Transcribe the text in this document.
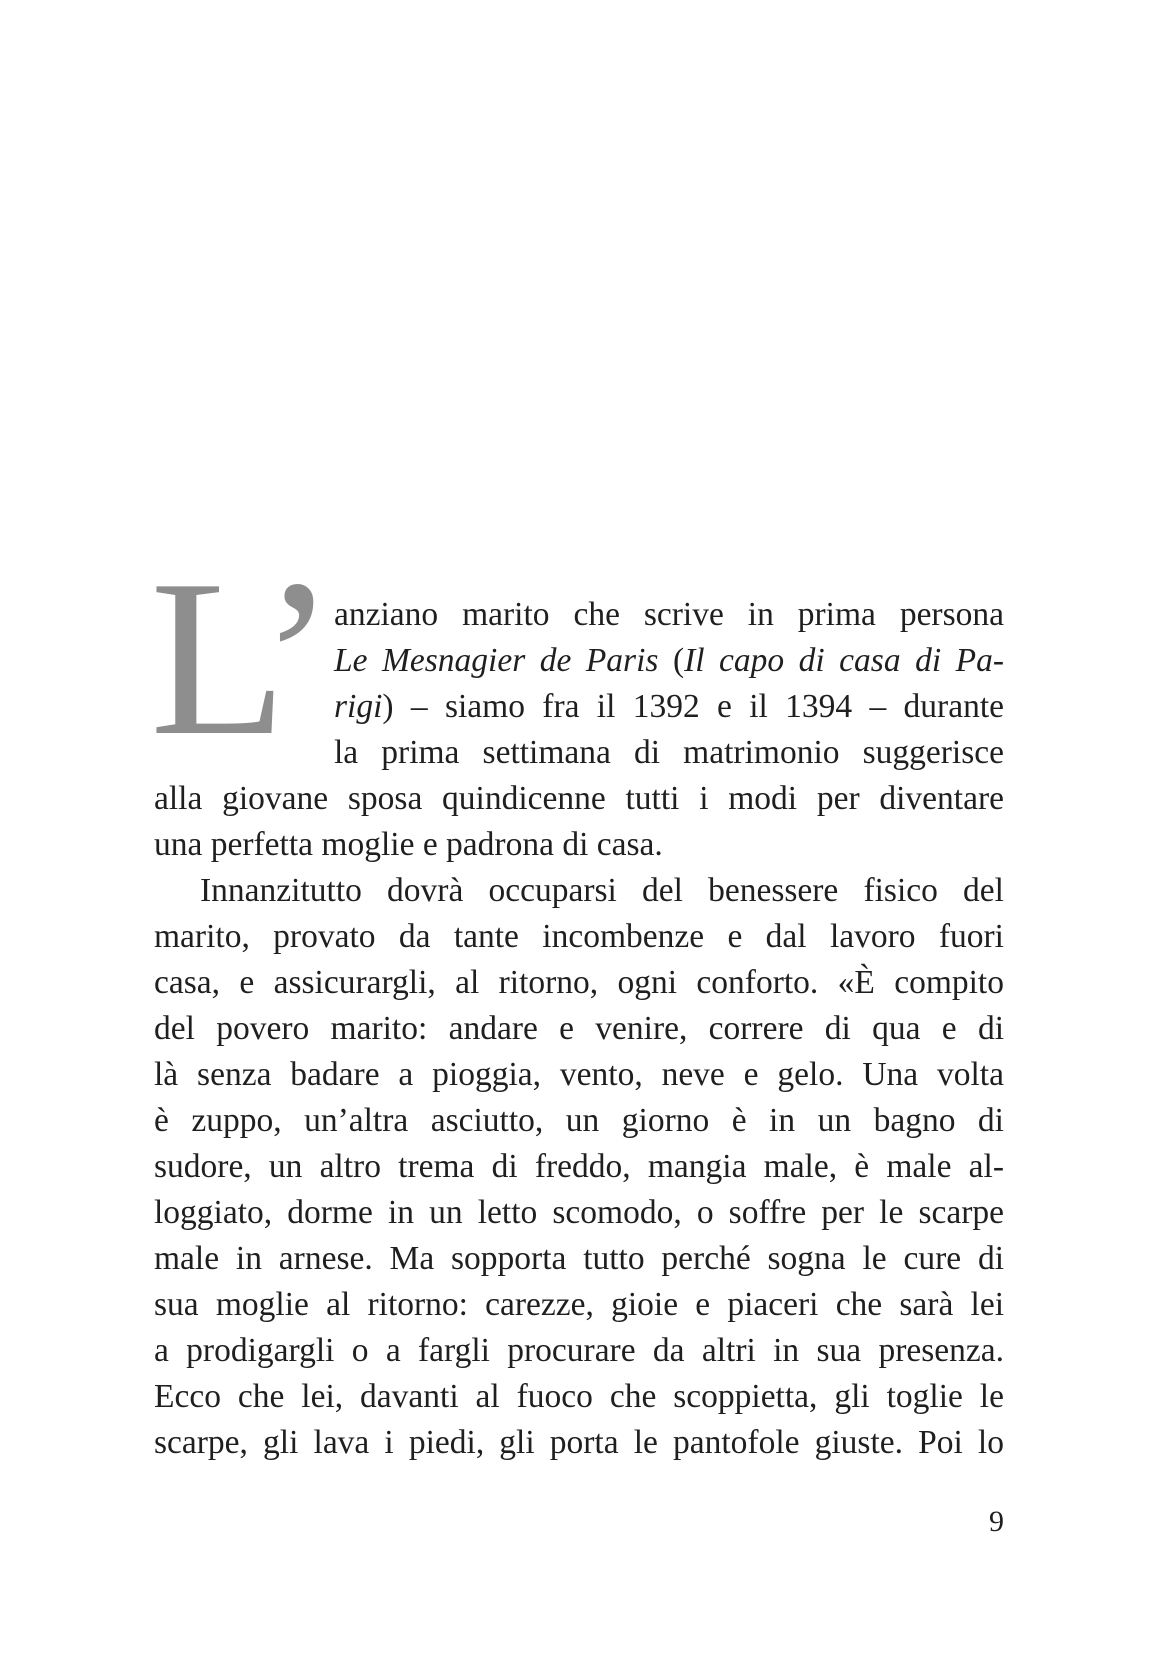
L’ anziano marito che scrive in prima persona
Le Mesnagier de Paris (Il capo di casa di Pa-
rigi) – siamo fra il 1392 e il 1394 – durante
la prima settimana di matrimonio suggerisce
alla giovane sposa quindicenne tutti i modi per diventare
una perfetta moglie e padrona di casa.
Innanzitutto dovrà occuparsi del benessere fisico del
marito, provato da tante incombenze e dal lavoro fuori
casa, e assicurargli, al ritorno, ogni conforto. «È compito
del povero marito: andare e venire, correre di qua e di
là senza badare a pioggia, vento, neve e gelo. Una volta
è zuppo, un’altra asciutto, un giorno è in un bagno di
sudore, un altro trema di freddo, mangia male, è male al-
loggiato, dorme in un letto scomodo, o soffre per le scarpe
male in arnese. Ma sopporta tutto perché sogna le cure di
sua moglie al ritorno: carezze, gioie e piaceri che sarà lei
a prodigargli o a fargli procurare da altri in sua presenza.
Ecco che lei, davanti al fuoco che scoppietta, gli toglie le
scarpe, gli lava i piedi, gli porta le pantofole giuste. Poi lo
9
